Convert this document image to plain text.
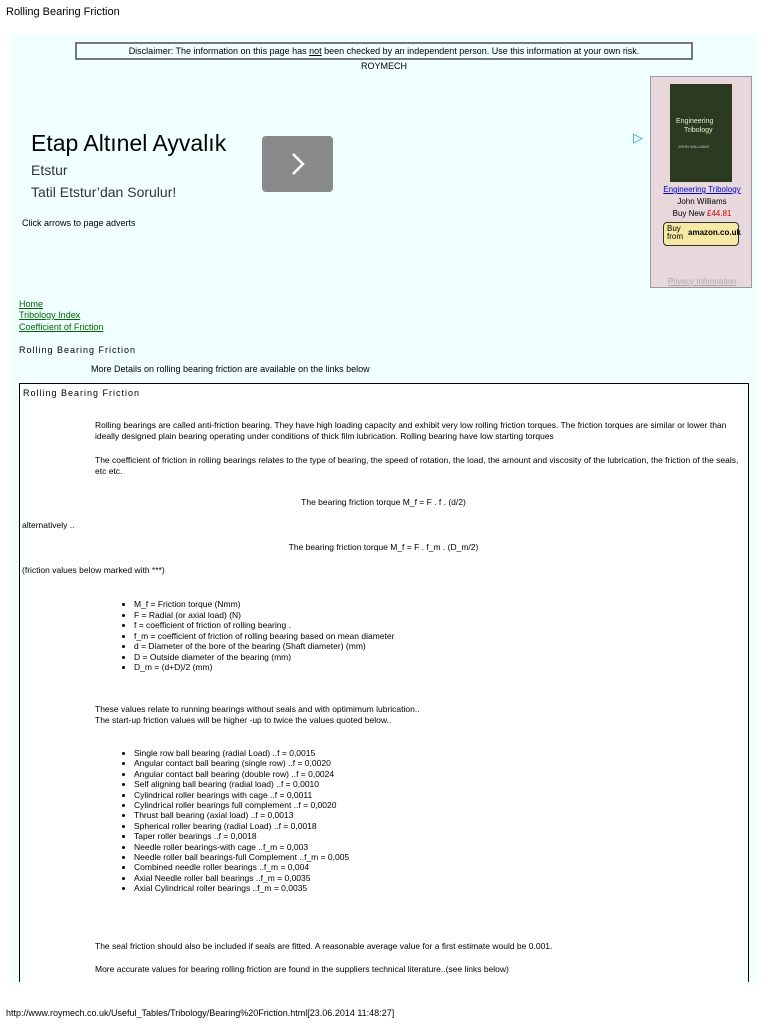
Rolling Bearing Friction
Disclaimer: The information on this page has not been checked by an independent person. Use this information at your own risk.
ROYMECH
Etap Altınel Ayvalık
Etstur
Tatil Etstur’dan Sorulur!
▷
Click arrows to page adverts
Engineering
Tribology
JOHN WILLIAMS
Engineering Tribology
John Williams
Buy New £44.81
Buy
from amazon.co.uk
Privacy Information
Home
Tribology Index
Coefficient of Friction
Rolling Bearing Friction
More Details on rolling bearing friction are available on the links below
Rolling Bearing Friction
Rolling bearings are called anti-friction bearing. They have high loading capacity and exhibit very low rolling friction torques. The friction torques are similar or lower than ideally designed plain bearing operating under conditions of thick film lubrication. Rolling bearing have low starting torques
The coefficient of friction in rolling bearings relates to the type of bearing, the speed of rotation, the load, the amount and viscosity of the lubrication, the friction of the seals, etc etc.
The bearing friction torque M_f = F . f . (d/2)
alternatively ..
The bearing friction torque M_f = F . f_m . (D_m/2)
(friction values below marked with ***)
• M_f = Friction torque (Nmm)
• F = Radial (or axial load) (N)
• f = coefficient of friction of rolling bearing .
• f_m = coefficient of friction of rolling bearing based on mean diameter
• d = Diameter of the bore of the bearing (Shaft diameter) (mm)
• D = Outside diameter of the bearing (mm)
• D_m = (d+D)/2 (mm)
These values relate to running bearings without seals and with optimimum lubrication..
The start-up friction values will be higher -up to twice the values quoted below..
• Single row ball bearing (radial Load) ..f = 0,0015
• Angular contact ball bearing (single row) ..f = 0,0020
• Angular contact ball bearing (double row) ..f = 0,0024
• Self aligning ball bearing (radial load) ..f = 0,0010
• Cylindrical roller bearings with cage ..f = 0,0011
• Cylindrical roller bearings full complement ..f = 0,0020
• Thrust ball bearing (axial load) ..f = 0,0013
• Spherical roller bearing (radial Load) ..f = 0,0018
• Taper roller bearings ..f = 0,0018
• Needle roller bearings-with cage ..f_m = 0,003
• Needle roller ball bearings-full Complement ..f_m = 0,005
• Combined needle roller bearings ..f_m = 0,004
• Axial Needle roller ball bearings ..f_m = 0,0035
• Axial Cylindrical roller bearings ..f_m = 0,0035
The seal friction should also be included if seals are fitted. A reasonable average value for a first estimate would be 0.001.
More accurate values for bearing rolling friction are found in the suppliers technical literature..(see links below)
http://www.roymech.co.uk/Useful_Tables/Tribology/Bearing%20Friction.html[23.06.2014 11:48:27]
